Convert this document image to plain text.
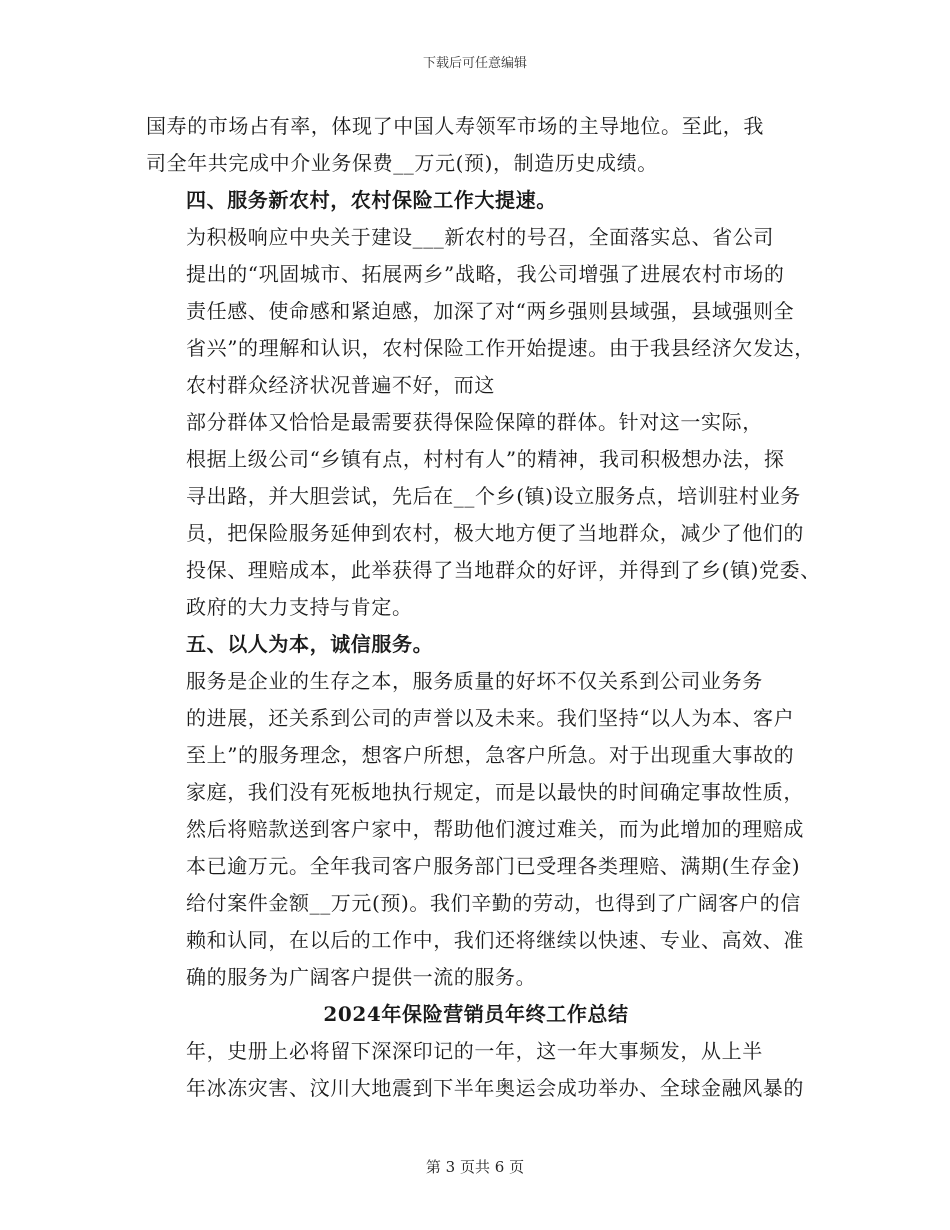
下载后可任意编辑
国寿的市场占有率，体现了中国人寿领军市场的主导地位。至此，我
司全年共完成中介业务保费__万元(预)，制造历史成绩。
四、服务新农村，农村保险工作大提速。
为积极响应中央关于建设___新农村的号召，全面落实总、省公司
提出的“巩固城市、拓展两乡”战略，我公司增强了进展农村市场的
责任感、使命感和紧迫感，加深了对“两乡强则县域强，县域强则全
省兴”的理解和认识，农村保险工作开始提速。由于我县经济欠发达，
农村群众经济状况普遍不好，而这
部分群体又恰恰是最需要获得保险保障的群体。针对这一实际，
根据上级公司“乡镇有点，村村有人”的精神，我司积极想办法，探
寻出路，并大胆尝试，先后在__个乡(镇)设立服务点，培训驻村业务
员，把保险服务延伸到农村，极大地方便了当地群众，减少了他们的
投保、理赔成本，此举获得了当地群众的好评，并得到了乡(镇)党委、
政府的大力支持与肯定。
五、以人为本，诚信服务。
服务是企业的生存之本，服务质量的好坏不仅关系到公司业务务
的进展，还关系到公司的声誉以及未来。我们坚持“以人为本、客户
至上”的服务理念，想客户所想，急客户所急。对于出现重大事故的
家庭，我们没有死板地执行规定，而是以最快的时间确定事故性质，
然后将赔款送到客户家中，帮助他们渡过难关，而为此增加的理赔成
本已逾万元。全年我司客户服务部门已受理各类理赔、满期(生存金)
给付案件金额__万元(预)。我们辛勤的劳动，也得到了广阔客户的信
赖和认同，在以后的工作中，我们还将继续以快速、专业、高效、准
确的服务为广阔客户提供一流的服务。
2024年保险营销员年终工作总结
年，史册上必将留下深深印记的一年，这一年大事频发，从上半
年冰冻灾害、汶川大地震到下半年奥运会成功举办、全球金融风暴的
第 3 页共 6 页
